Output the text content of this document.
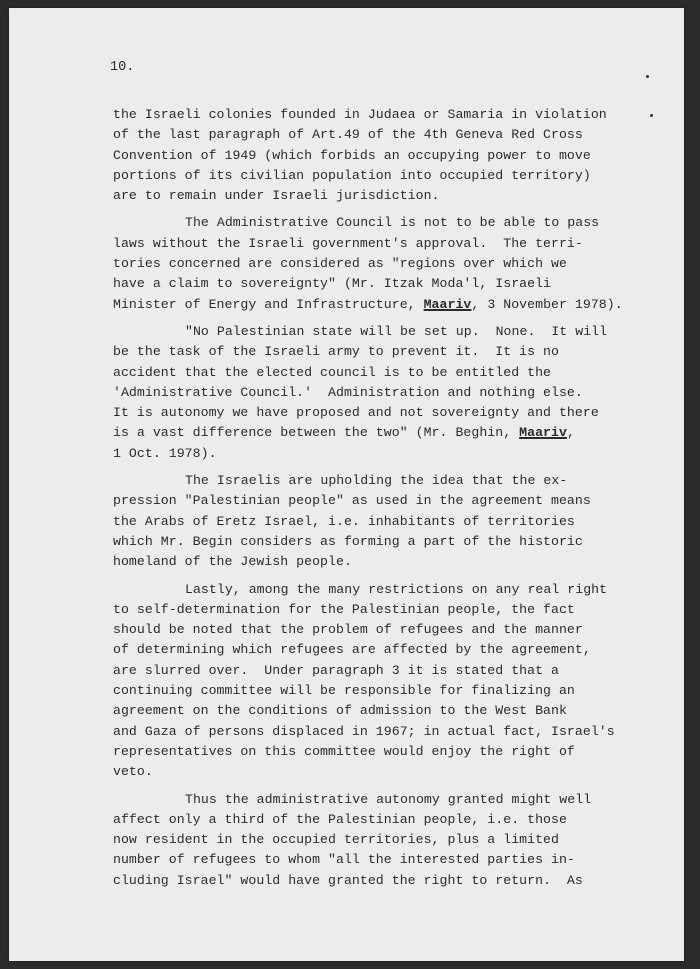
10.
the Israeli colonies founded in Judaea or Samaria in violation
of the last paragraph of Art.49 of the 4th Geneva Red Cross
Convention of 1949 (which forbids an occupying power to move
portions of its civilian population into occupied territory)
are to remain under Israeli jurisdiction.
The Administrative Council is not to be able to pass
laws without the Israeli government's approval.  The terri-
tories concerned are considered as "regions over which we
have a claim to sovereignty" (Mr. Itzak Moda'l, Israeli
Minister of Energy and Infrastructure, Maariv, 3 November 1978).
"No Palestinian state will be set up.  None.  It will
be the task of the Israeli army to prevent it.  It is no
accident that the elected council is to be entitled the
'Administrative Council.'  Administration and nothing else.
It is autonomy we have proposed and not sovereignty and there
is a vast difference between the two" (Mr. Beghin, Maariv,
1 Oct. 1978).
The Israelis are upholding the idea that the ex-
pression "Palestinian people" as used in the agreement means
the Arabs of Eretz Israel, i.e. inhabitants of territories
which Mr. Begin considers as forming a part of the historic
homeland of the Jewish people.
Lastly, among the many restrictions on any real right
to self-determination for the Palestinian people, the fact
should be noted that the problem of refugees and the manner
of determining which refugees are affected by the agreement,
are slurred over.  Under paragraph 3 it is stated that a
continuing committee will be responsible for finalizing an
agreement on the conditions of admission to the West Bank
and Gaza of persons displaced in 1967; in actual fact, Israel's
representatives on this committee would enjoy the right of
veto.
Thus the administrative autonomy granted might well
affect only a third of the Palestinian people, i.e. those
now resident in the occupied territories, plus a limited
number of refugees to whom "all the interested parties in-
cluding Israel" would have granted the right to return.  As
